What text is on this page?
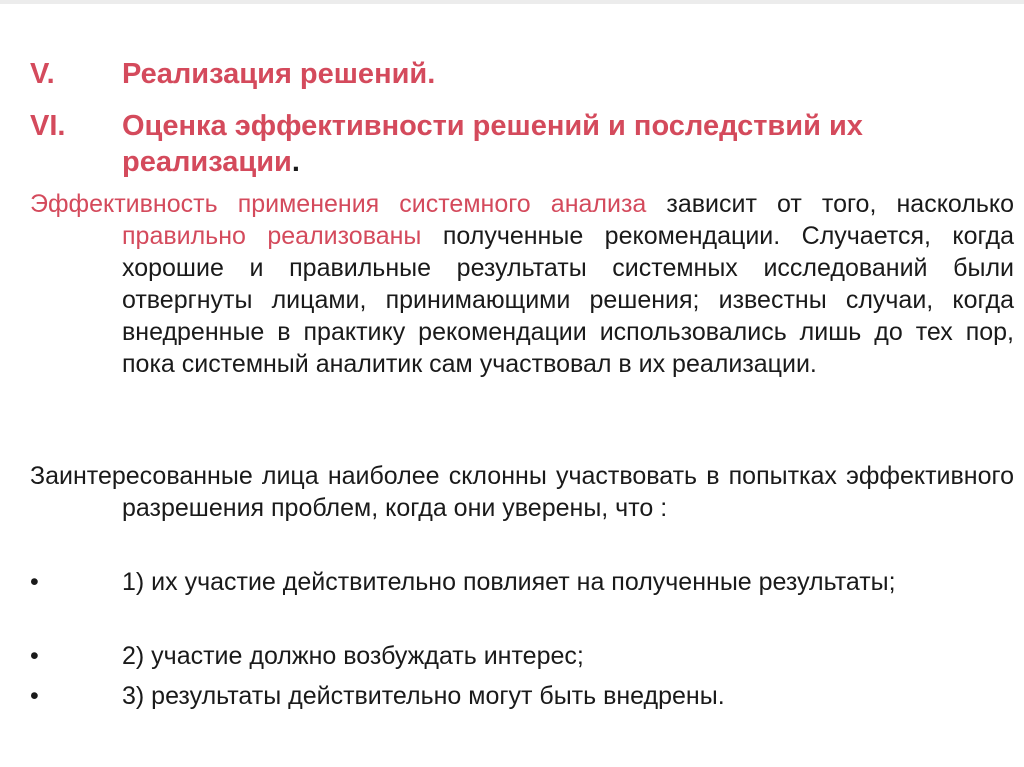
V. Реализация решений.
VI. Оценка эффективности решений и последствий их реализации.
Эффективность применения системного анализа зависит от того, насколько правильно реализованы полученные рекомендации. Случается, когда хорошие и правильные результаты системных исследований были отвергнуты лицами, принимающими решения; известны случаи, когда внедренные в практику рекомендации использовались лишь до тех пор, пока системный аналитик сам участвовал в их реализации.
Заинтересованные лица наиболее склонны участвовать в попытках эффективного разрешения проблем, когда они уверены, что :
•	1) их участие действительно повлияет на полученные результаты;
•	2) участие должно возбуждать интерес;
•	3) результаты действительно могут быть внедрены.
